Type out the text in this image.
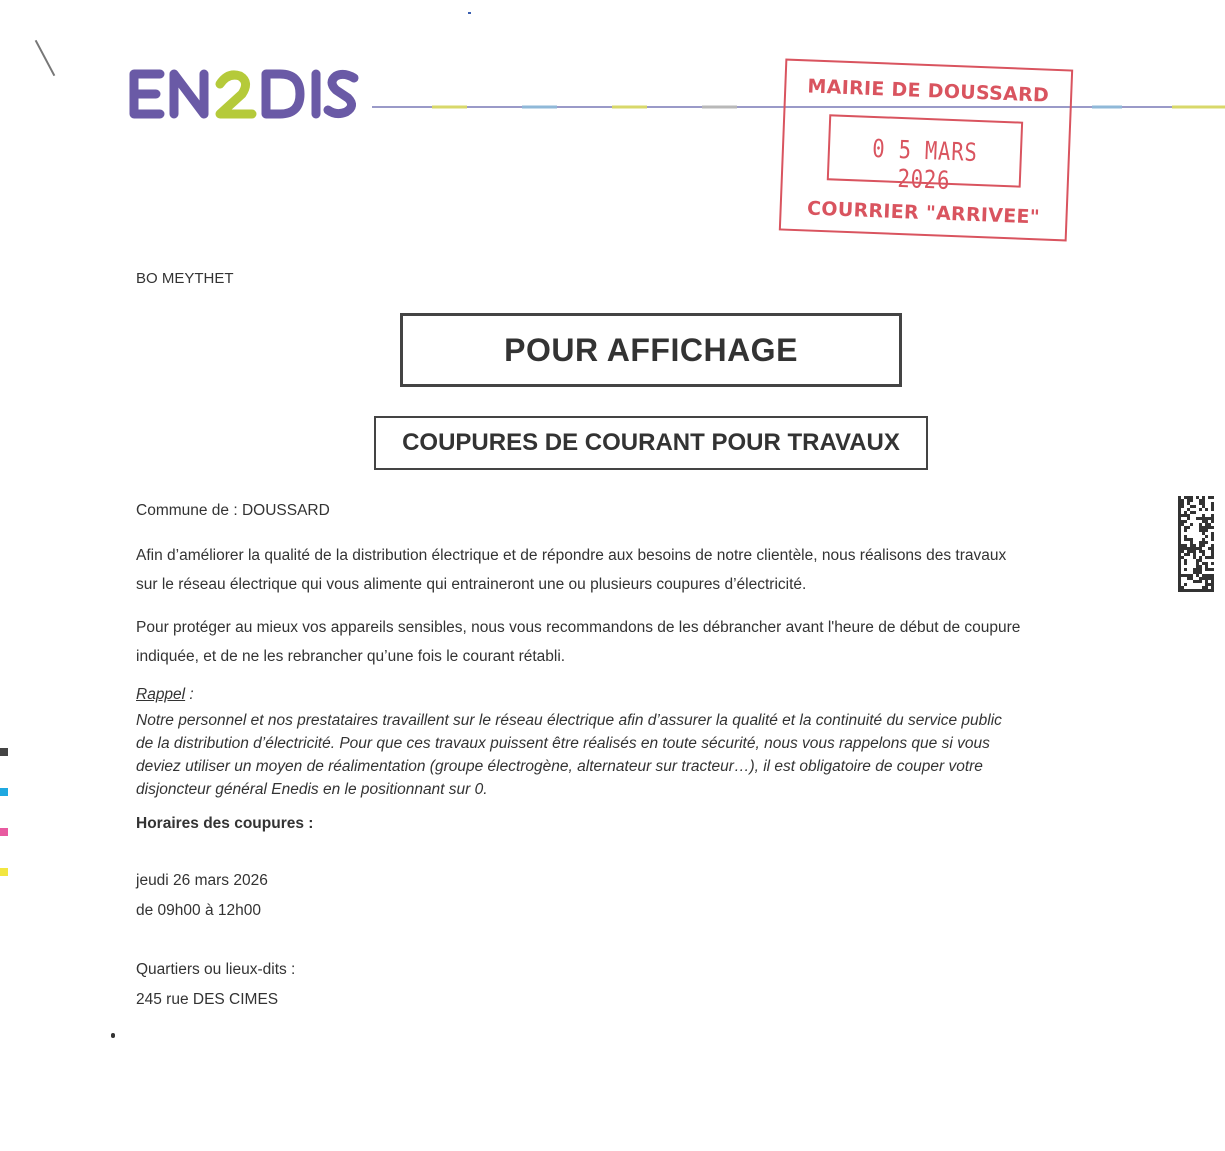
MAIRIE DE DOUSSARD
0 5 MARS 2026
COURRIER "ARRIVEE"
BO MEYTHET
POUR AFFICHAGE
COUPURES DE COURANT POUR TRAVAUX
Commune de : DOUSSARD
Afin d’améliorer la qualité de la distribution électrique et de répondre aux besoins de notre clientèle, nous réalisons des travaux
sur le réseau électrique qui vous alimente qui entraineront une ou plusieurs coupures d’électricité.
Pour protéger au mieux vos appareils sensibles, nous vous recommandons de les débrancher avant l'heure de début de coupure
indiquée, et de ne les rebrancher qu’une fois le courant rétabli.
Rappel :
Notre personnel et nos prestataires travaillent sur le réseau électrique afin d’assurer la qualité et la continuité du service public
de la distribution d’électricité. Pour que ces travaux puissent être réalisés en toute sécurité, nous vous rappelons que si vous
deviez utiliser un moyen de réalimentation (groupe électrogène, alternateur sur tracteur…), il est obligatoire de couper votre
disjoncteur général Enedis en le positionnant sur 0.
Horaires des coupures :
jeudi 26 mars 2026
de 09h00 à 12h00
Quartiers ou lieux-dits :
245 rue DES CIMES
